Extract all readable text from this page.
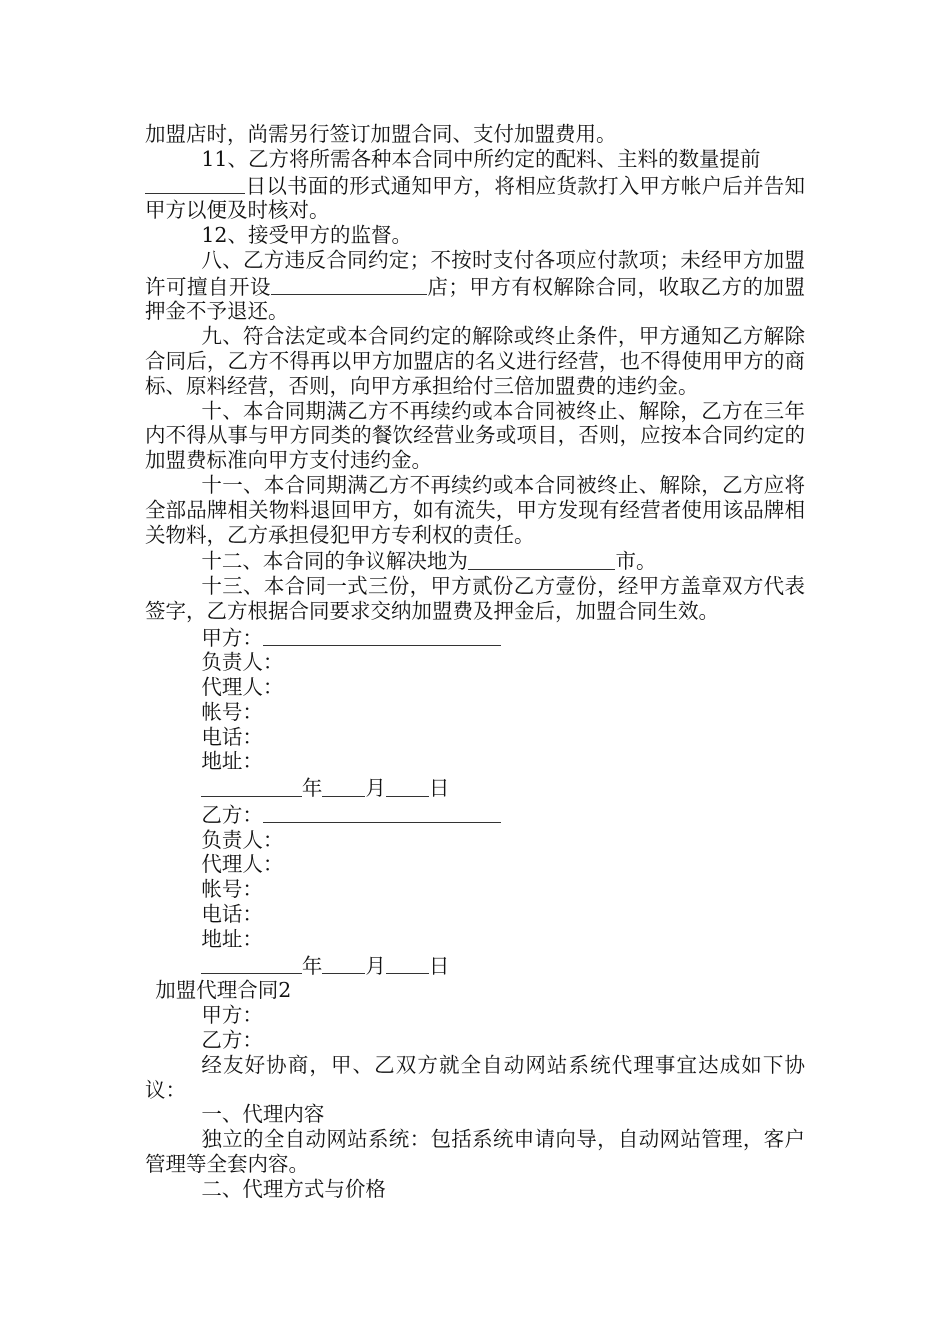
加盟店时，尚需另行签订加盟合同、支付加盟费用。

11、乙方将所需各种本合同中所约定的配料、主料的数量提前
日以书面的形式通知甲方，将相应货款打入甲方帐户后并告知甲方以便及时核对。

12、接受甲方的监督。

八、乙方违反合同约定；不按时支付各项应付款项；未经甲方加盟许可擅自开设	店；甲方有权解除合同，收取乙方的加盟押金不予退还。

九、符合法定或本合同约定的解除或终止条件，甲方通知乙方解除合同后，乙方不得再以甲方加盟店的名义进行经营，也不得使用甲方的商标、原料经营，否则，向甲方承担给付三倍加盟费的违约金。

十、本合同期满乙方不再续约或本合同被终止、解除，乙方在三年内不得从事与甲方同类的餐饮经营业务或项目，否则，应按本合同约定的加盟费标准向甲方支付违约金。

十一、本合同期满乙方不再续约或本合同被终止、解除，乙方应将全部品牌相关物料退回甲方，如有流失，甲方发现有经营者使用该品牌相关物料，乙方承担侵犯甲方专利权的责任。

十二、本合同的争议解决地为	市。

十三、本合同一式三份，甲方贰份乙方壹份，经甲方盖章双方代表签字，乙方根据合同要求交纳加盟费及押金后，加盟合同生效。

甲方：

负责人：

代理人：

帐号：

电话：

地址：

年 月 日

乙方：

负责人：

代理人：

帐号：

电话：

地址：

年 月 日

加盟代理合同2

甲方：

乙方：

经友好协商，甲、乙双方就全自动网站系统代理事宜达成如下协议：

一、代理内容

独立的全自动网站系统：包括系统申请向导，自动网站管理，客户管理等全套内容。

二、代理方式与价格
